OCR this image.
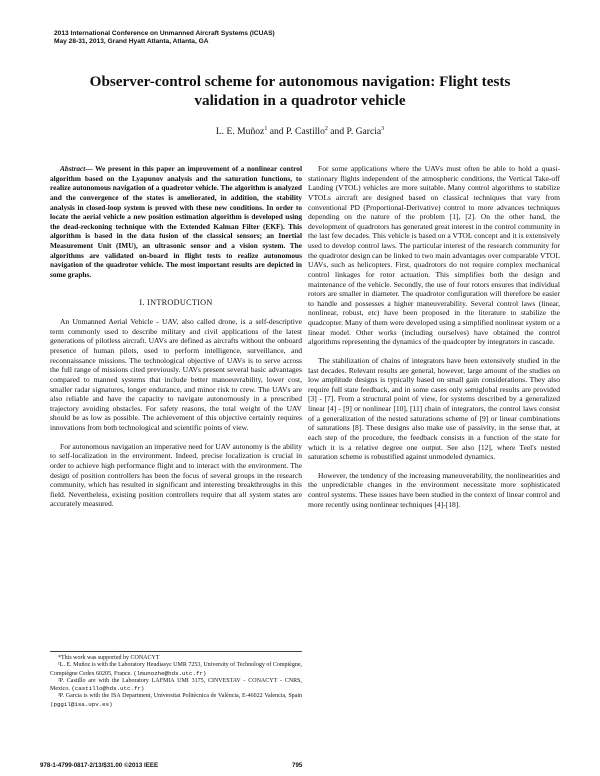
2013 International Conference on Unmanned Aircraft Systems (ICUAS)
May 28-31, 2013, Grand Hyatt Atlanta, Atlanta, GA
Observer-control scheme for autonomous navigation: Flight tests validation in a quadrotor vehicle
L. E. Muñoz$^1$ and P. Castillo$^2$ and P. Garcia$^3$

Abstract— We present in this paper an improvement of a nonlinear control algorithm based on the Lyapunov analysis and the saturation functions, to realize autonomous navigation of a quadrotor vehicle. The algorithm is analyzed and the convergence of the states is ameliorated, in addition, the stability analysis in closed-loop system is proved with these new conditions. In order to locate the aerial vehicle a new position estimation algorithm is developed using the dead-reckoning technique with the Extended Kalman Filter (EKF). This algorithm is based in the data fusion of the classical sensors; an Inertial Measurement Unit (IMU), an ultrasonic sensor and a vision system. The algorithms are validated on-board in flight tests to realize autonomous navigation of the quadrotor vehicle. The most important results are depicted in some graphs.

I. INTRODUCTION

An Unmanned Aerial Vehicle - UAV, also called drone, is a self-descriptive term commonly used to describe military and civil applications of the latest generations of pilotless aircraft. UAVs are defined as aircrafts without the onboard presence of human pilots, used to perform intelligence, surveillance, and reconnaissance missions. The technological objective of UAVs is to serve across the full range of missions cited previously. UAVs present several basic advantages compared to manned systems that include better manoeuvrability, lower cost, smaller radar signatures, longer endurance, and minor risk to crew. The UAVs are also reliable and have the capacity to navigate autonomously in a prescribed trajectory avoiding obstacles. For safety reasons, the total weight of the UAV should be as low as possible. The achievement of this objective certainly requires innovations from both technological and scientific points of view.

For autonomous navigation an imperative need for UAV autonomy is the ability to self-localization in the environment. Indeed, precise localization is crucial in order to achieve high performance flight and to interact with the environment. The design of position controllers has been the focus of several groups in the research community, which has resulted in significant and interesting breakthroughs in this field. Nevertheless, existing position controllers require that all system states are accurately measured.

*This work was supported by CONACYT
¹L. E. Muñoz is with the Laboratory Heudiasyc UMR 7253, University of Technology of Compiègne, Compiègne Cedex 60205, France. (lmunozhe@hds.utc.fr)
²P. Castillo are with the Laboratory LAFMIA UMI 3175, CINVESTAV - CONACYT - CNRS, Mexico. (castillo@hds.utc.fr)
³P. Garcia is with the ISA Department, Universitat Politècnica de València, E-46022 Valencia, Spain (pggil@isa.upv.es)

For some applications where the UAVs must often be able to hold a quasi-stationary flights independent of the atmospheric conditions, the Vertical Take-off Landing (VTOL) vehicles are more suitable. Many control algorithms to stabilize VTOLs aircraft are designed based on classical techniques that vary from conventional PD (Proportional-Derivative) control to more advances techniques depending on the nature of the problem [1], [2]. On the other hand, the development of quadrotors has generated great interest in the control community in the last few decades. This vehicle is based on a VTOL concept and it is extensively used to develop control laws. The particular interest of the research community for the quadrotor design can be linked to two main advantages over comparable VTOL UAVs, such as helicopters. First, quadrotors do not require complex mechanical control linkages for rotor actuation. This simplifies both the design and maintenance of the vehicle. Secondly, the use of four rotors ensures that individual rotors are smaller in diameter. The quadrotor configuration will therefore be easier to handle and possesses a higher maneuverability. Several control laws (linear, nonlinear, robust, etc) have been proposed in the literature to stabilize the quadcopter. Many of them were developed using a simplified nonlinear system or a linear model. Other works (including ourselves) have obtained the control algorithms representing the dynamics of the quadcopter by integrators in cascade.

The stabilization of chains of integrators have been extensively studied in the last decades. Relevant results are general, however, large amount of the studies on low amplitude designs is typically based on small gain considerations. They also require full state feedback, and in some cases only semiglobal results are provided [3] - [7]. From a structural point of view, for systems described by a generalized linear [4] - [9] or nonlinear [10], [11] chain of integrators, the control laws consist of a generalization of the nested saturations scheme of [9] or linear combinations of saturations [8]. These designs also make use of passivity, in the sense that, at each step of the procedure, the feedback consists in a function of the state for which it is a relative degree one output. See also [12], where Teel's nested saturation scheme is robustified against unmodeled dynamics.

However, the tendency of the increasing maneuverability, the nonlinearities and the unpredictable changes in the environment necessitate more sophisticated control systems. These issues have been studied in the context of linear control and more recently using nonlinear techniques [4]-[18].

978-1-4799-0817-2/13/$31.00 ©2013 IEEE	795
